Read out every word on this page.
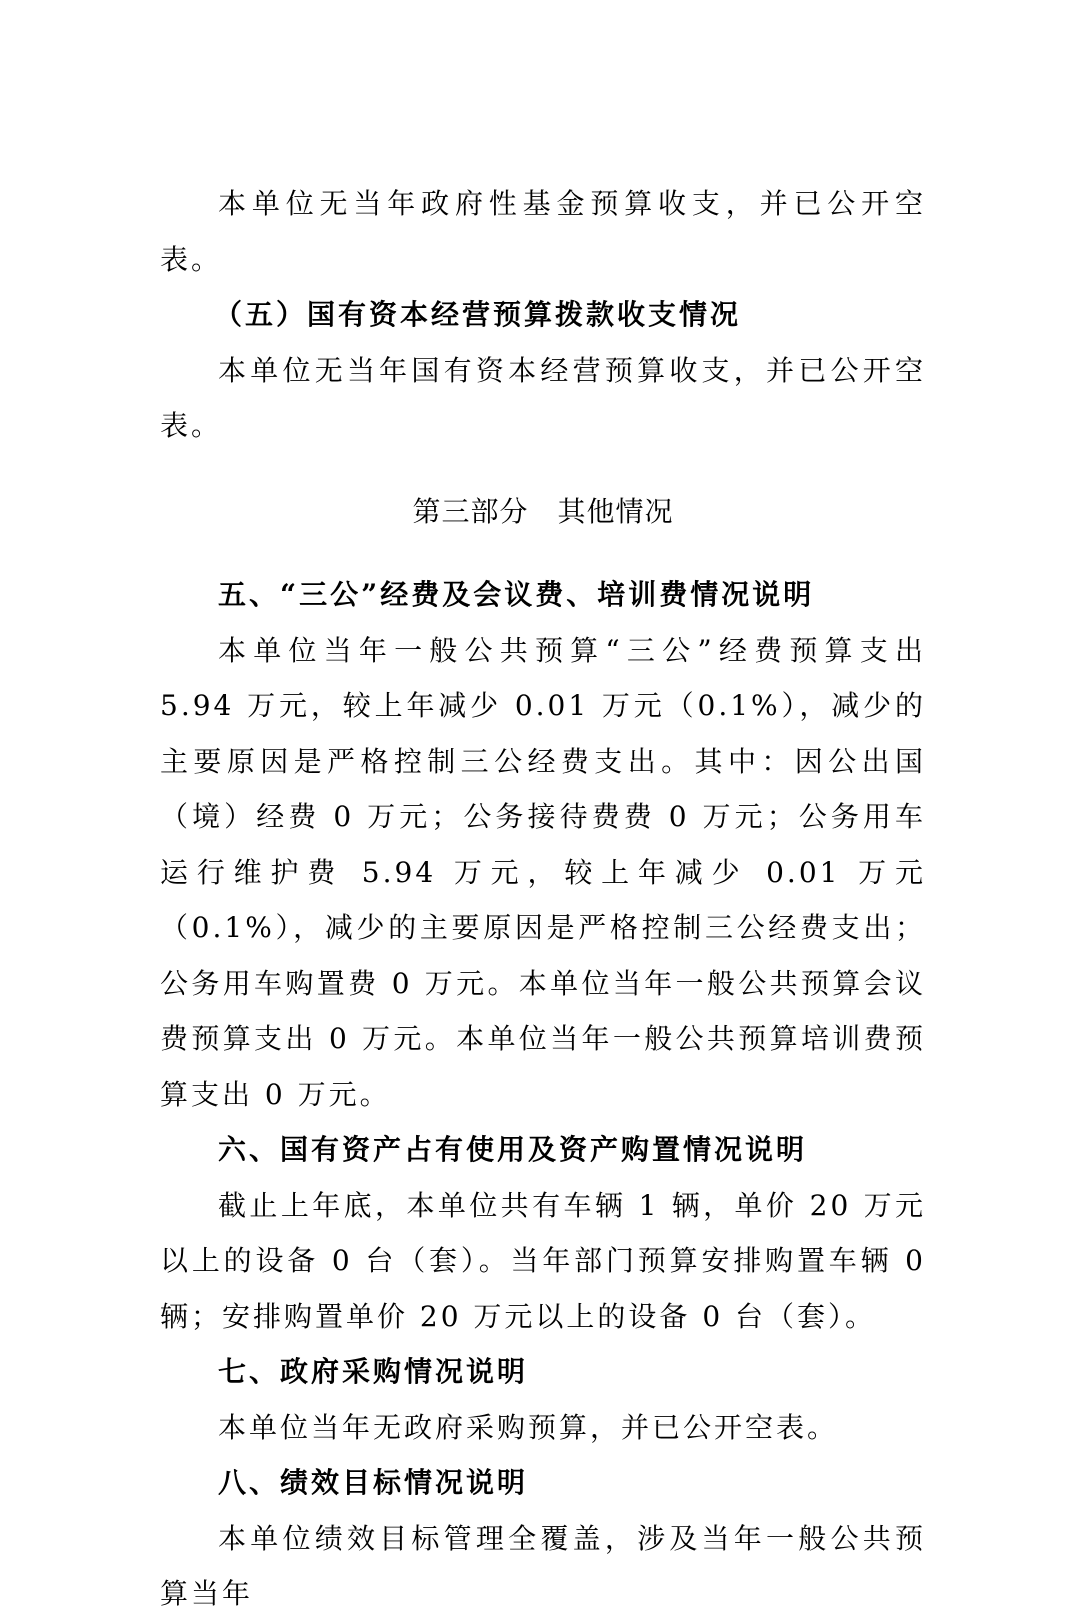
本单位无当年政府性基金预算收支，并已公开空表。

（五）国有资本经营预算拨款收支情况

本单位无当年国有资本经营预算收支，并已公开空表。

第三部分　其他情况

五、“三公”经费及会议费、培训费情况说明

本单位当年一般公共预算“三公”经费预算支出 5.94 万元，较上年减少 0.01 万元（0.1%），减少的主要原因是严格控制三公经费支出。其中：因公出国（境）经费 0 万元；公务接待费费 0 万元；公务用车运行维护费 5.94 万元，较上年减少 0.01 万元（0.1%），减少的主要原因是严格控制三公经费支出；公务用车购置费 0 万元。本单位当年一般公共预算会议费预算支出 0 万元。本单位当年一般公共预算培训费预算支出 0 万元。

六、国有资产占有使用及资产购置情况说明

截止上年底，本单位共有车辆 1 辆，单价 20 万元以上的设备 0 台（套）。当年部门预算安排购置车辆 0 辆；安排购置单价 20 万元以上的设备 0 台（套）。

七、政府采购情况说明

本单位当年无政府采购预算，并已公开空表。

八、绩效目标情况说明

本单位绩效目标管理全覆盖，涉及当年一般公共预算当年
